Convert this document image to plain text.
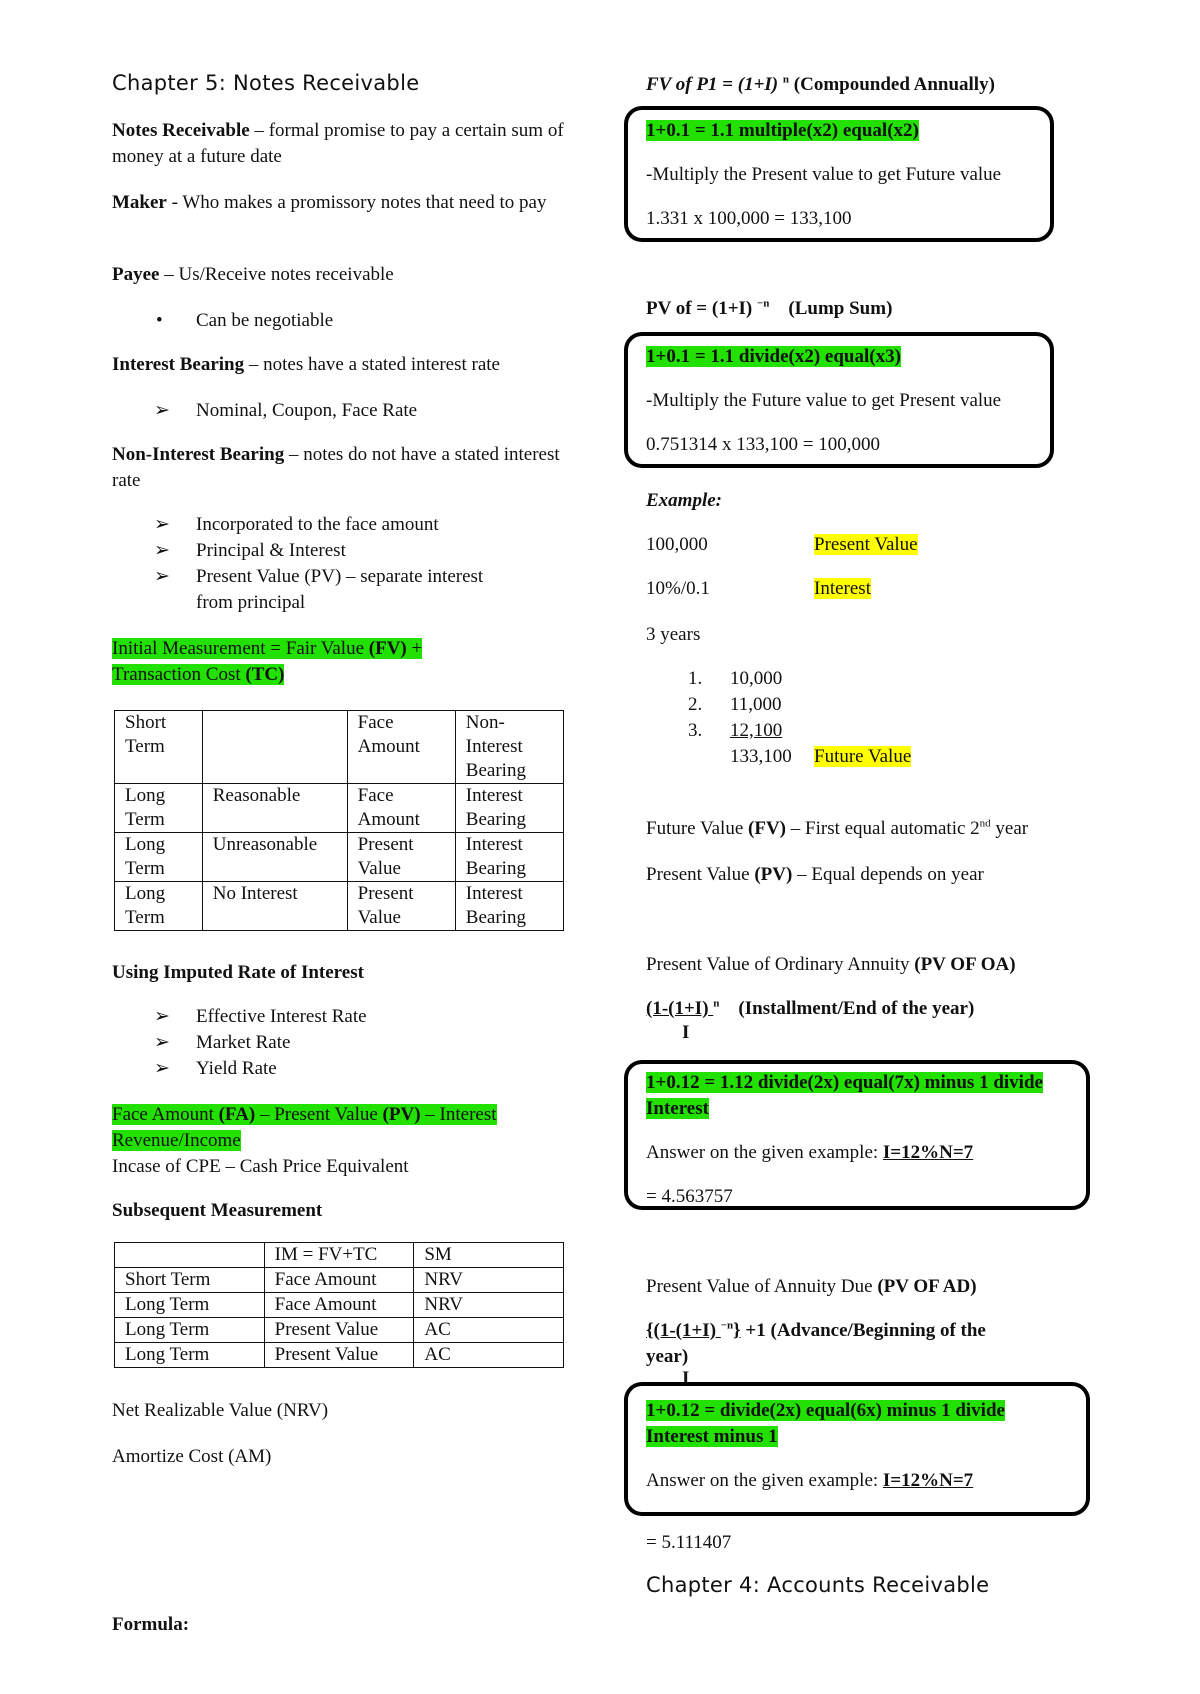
Chapter 5: Notes Receivable
Notes Receivable – formal promise to pay a certain sum of money at a future date
Maker - Who makes a promissory notes that need to pay
Payee – Us/Receive notes receivable
• Can be negotiable
Interest Bearing – notes have a stated interest rate
➢ Nominal, Coupon, Face Rate
Non-Interest Bearing – notes do not have a stated interest rate
➢ Incorporated to the face amount
➢ Principal & Interest
➢ Present Value (PV) – separate interest
from principal
Initial Measurement = Fair Value (FV) +
Transaction Cost (TC)
Short Term		Face Amount	Non-Interest Bearing
Long Term	Reasonable	Face Amount	Interest Bearing
Long Term	Unreasonable	Present Value	Interest Bearing
Long Term	No Interest	Present Value	Interest Bearing
Using Imputed Rate of Interest
➢ Effective Interest Rate
➢ Market Rate
➢ Yield Rate
Face Amount (FA) – Present Value (PV) – Interest
Revenue/Income
Incase of CPE – Cash Price Equivalent
Subsequent Measurement
	IM = FV+TC	SM
Short Term	Face Amount	NRV
Long Term	Face Amount	NRV
Long Term	Present Value	AC
Long Term	Present Value	AC
Net Realizable Value (NRV)
Amortize Cost (AM)
Formula:
FV of P1 = (1+I) $^n$ (Compounded Annually)
1+0.1 = 1.1 multiple(x2) equal(x2)
-Multiply the Present value to get Future value
1.331 x 100,000 = 133,100
PV of = (1+I) $^{-n}$ (Lump Sum)
1+0.1 = 1.1 divide(x2) equal(x3)
-Multiply the Future value to get Present value
0.751314 x 133,100 = 100,000
Example:
100,000	Present Value
10%/0.1	Interest
3 years
1. 10,000
2. 11,000
3. 12,100
133,100 Future Value
Future Value (FV) – First equal automatic 2nd year
Present Value (PV) – Equal depends on year
Present Value of Ordinary Annuity (PV OF OA)
(1-(1+I) $^n$ (Installment/End of the year)
I
1+0.12 = 1.12 divide(2x) equal(7x) minus 1 divide
Interest
Answer on the given example: I=12%N=7
= 4.563757
Present Value of Annuity Due (PV OF AD)
{(1-(1+I) $^{-n}$} +1 (Advance/Beginning of the
year)
I
1+0.12 = divide(2x) equal(6x) minus 1 divide
Interest minus 1
Answer on the given example: I=12%N=7
= 5.111407
Chapter 4: Accounts Receivable
